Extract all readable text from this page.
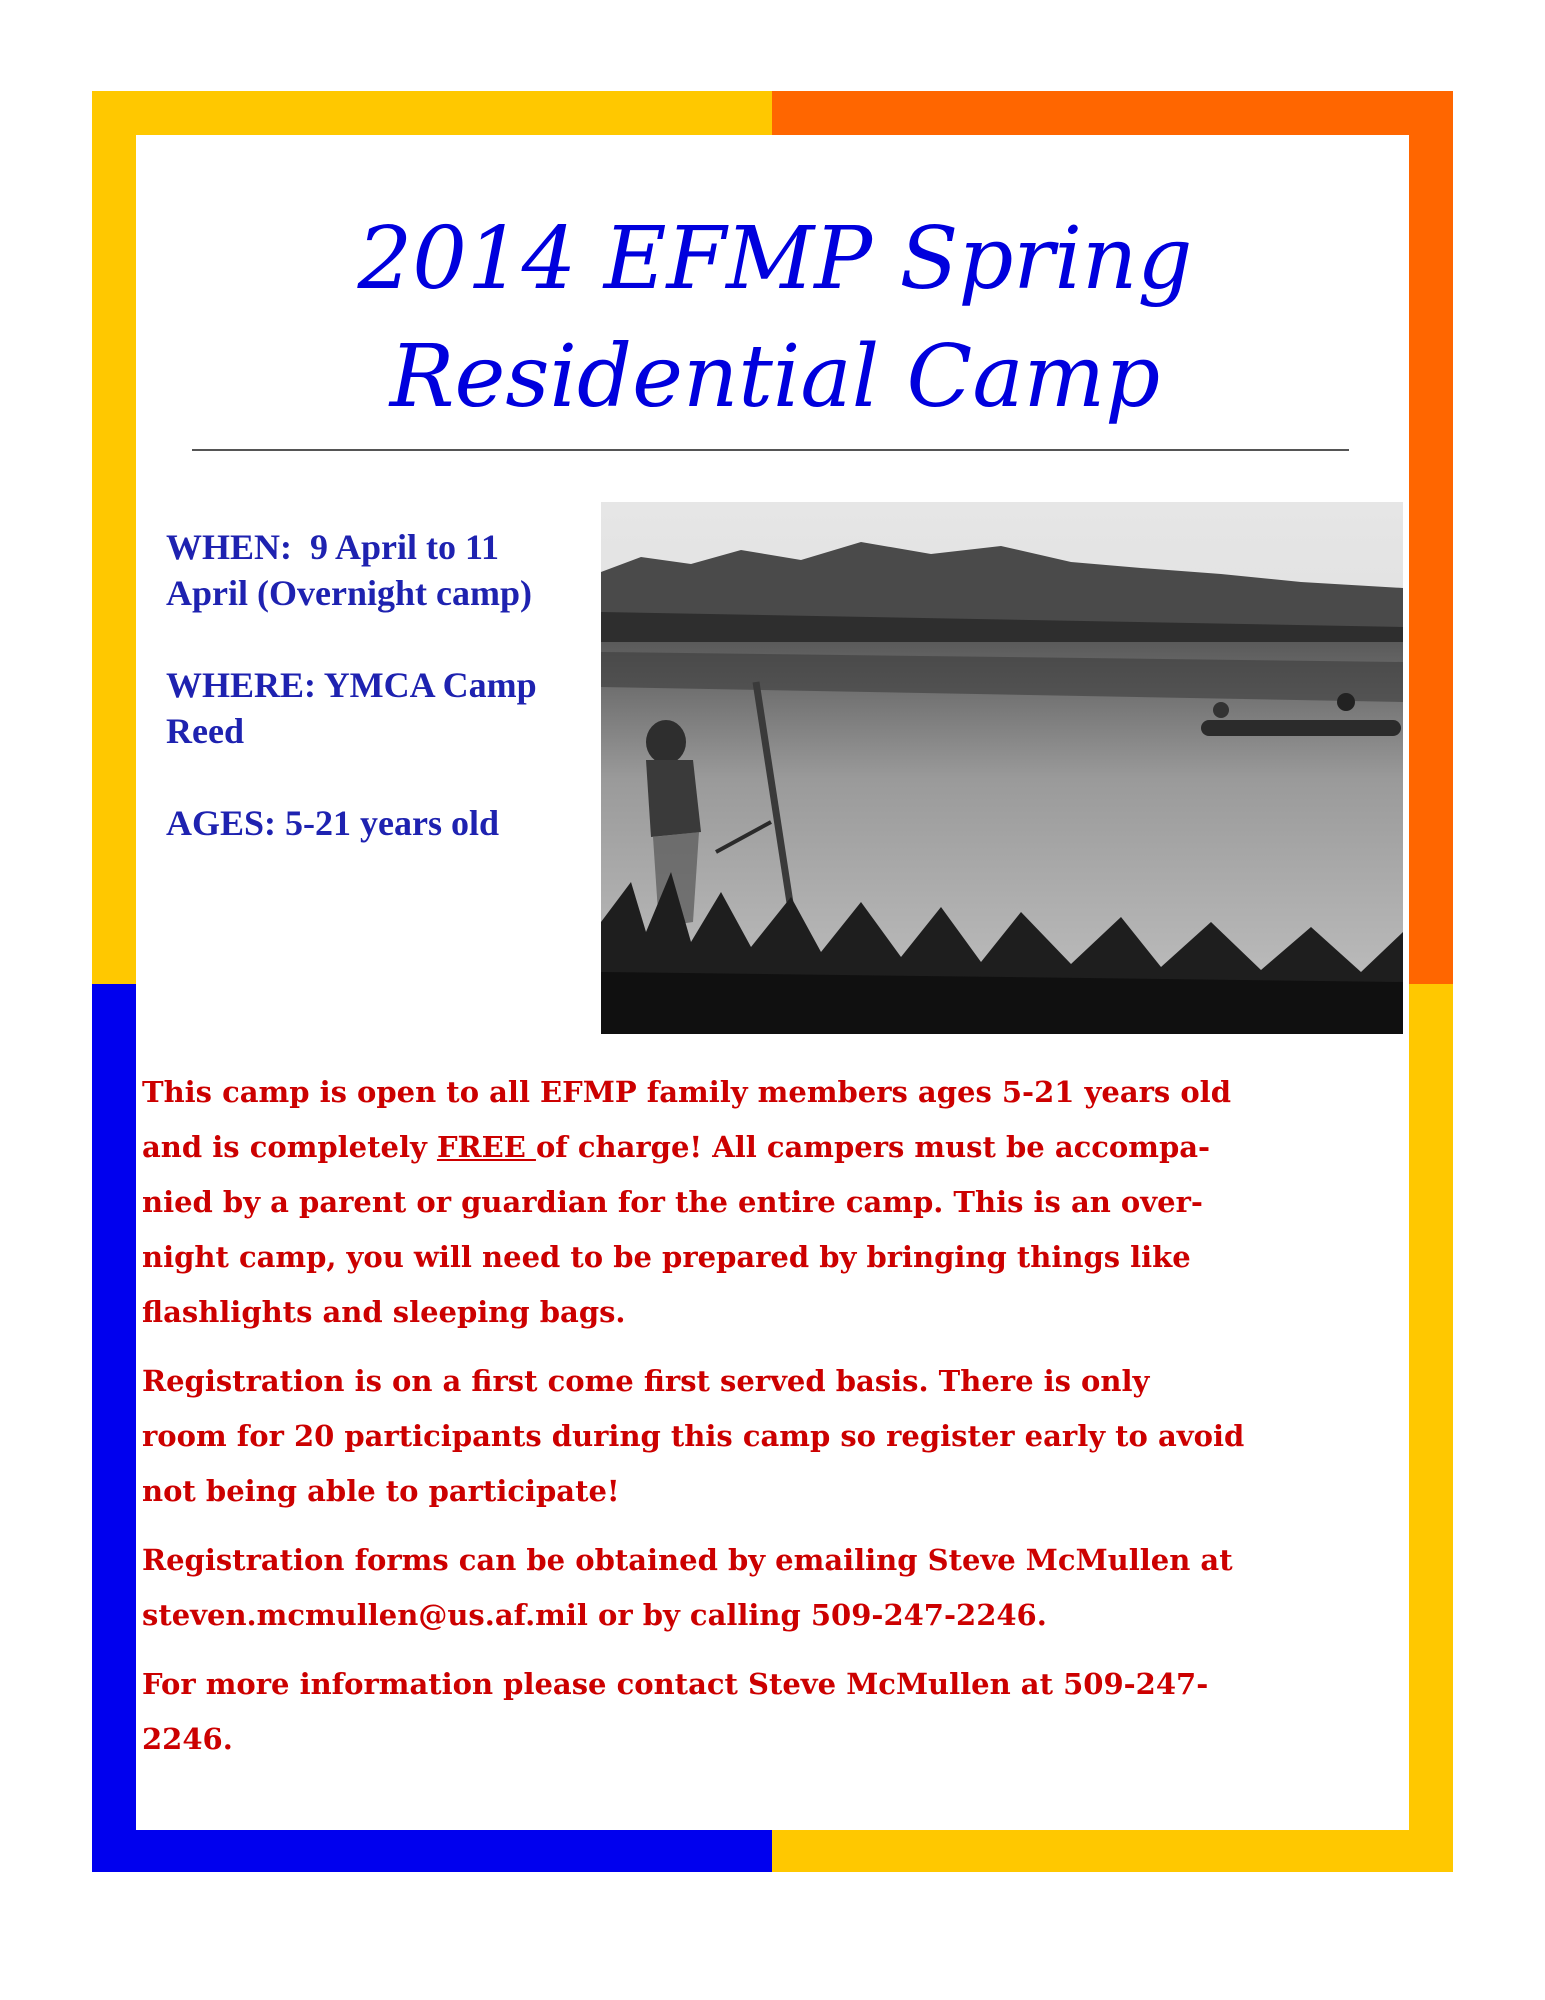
2014 EFMP Spring
Residential Camp

WHEN: 9 April to 11
April (Overnight camp)

WHERE: YMCA Camp
Reed

AGES: 5-21 years old

This camp is open to all EFMP family members ages 5-21 years old
and is completely FREE of charge! All campers must be accompa-
nied by a parent or guardian for the entire camp. This is an over-
night camp, you will need to be prepared by bringing things like
flashlights and sleeping bags.

Registration is on a first come first served basis. There is only
room for 20 participants during this camp so register early to avoid
not being able to participate!

Registration forms can be obtained by emailing Steve McMullen at
steven.mcmullen@us.af.mil or by calling 509-247-2246.

For more information please contact Steve McMullen at 509-247-
2246.
